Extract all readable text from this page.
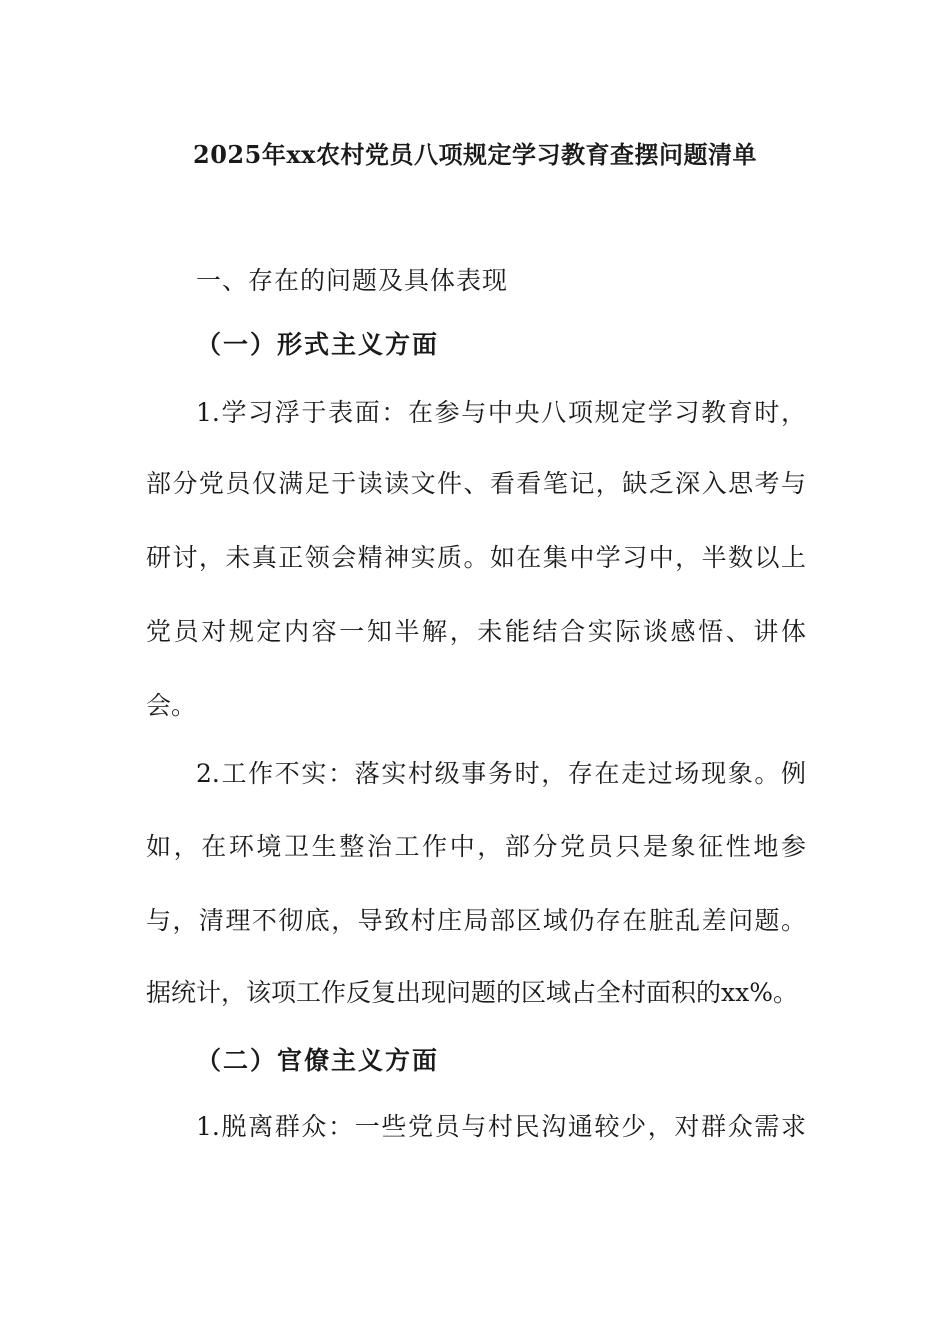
2025年xx农村党员八项规定学习教育查摆问题清单
一、存在的问题及具体表现
（一）形式主义方面
1.学习浮于表面：在参与中央八项规定学习教育时，
部分党员仅满足于读读文件、看看笔记，缺乏深入思考与
研讨，未真正领会精神实质。如在集中学习中，半数以上
党员对规定内容一知半解，未能结合实际谈感悟、讲体
会。
2.工作不实：落实村级事务时，存在走过场现象。例
如，在环境卫生整治工作中，部分党员只是象征性地参
与，清理不彻底，导致村庄局部区域仍存在脏乱差问题。
据统计，该项工作反复出现问题的区域占全村面积的xx%。
（二）官僚主义方面
1.脱离群众：一些党员与村民沟通较少，对群众需求
